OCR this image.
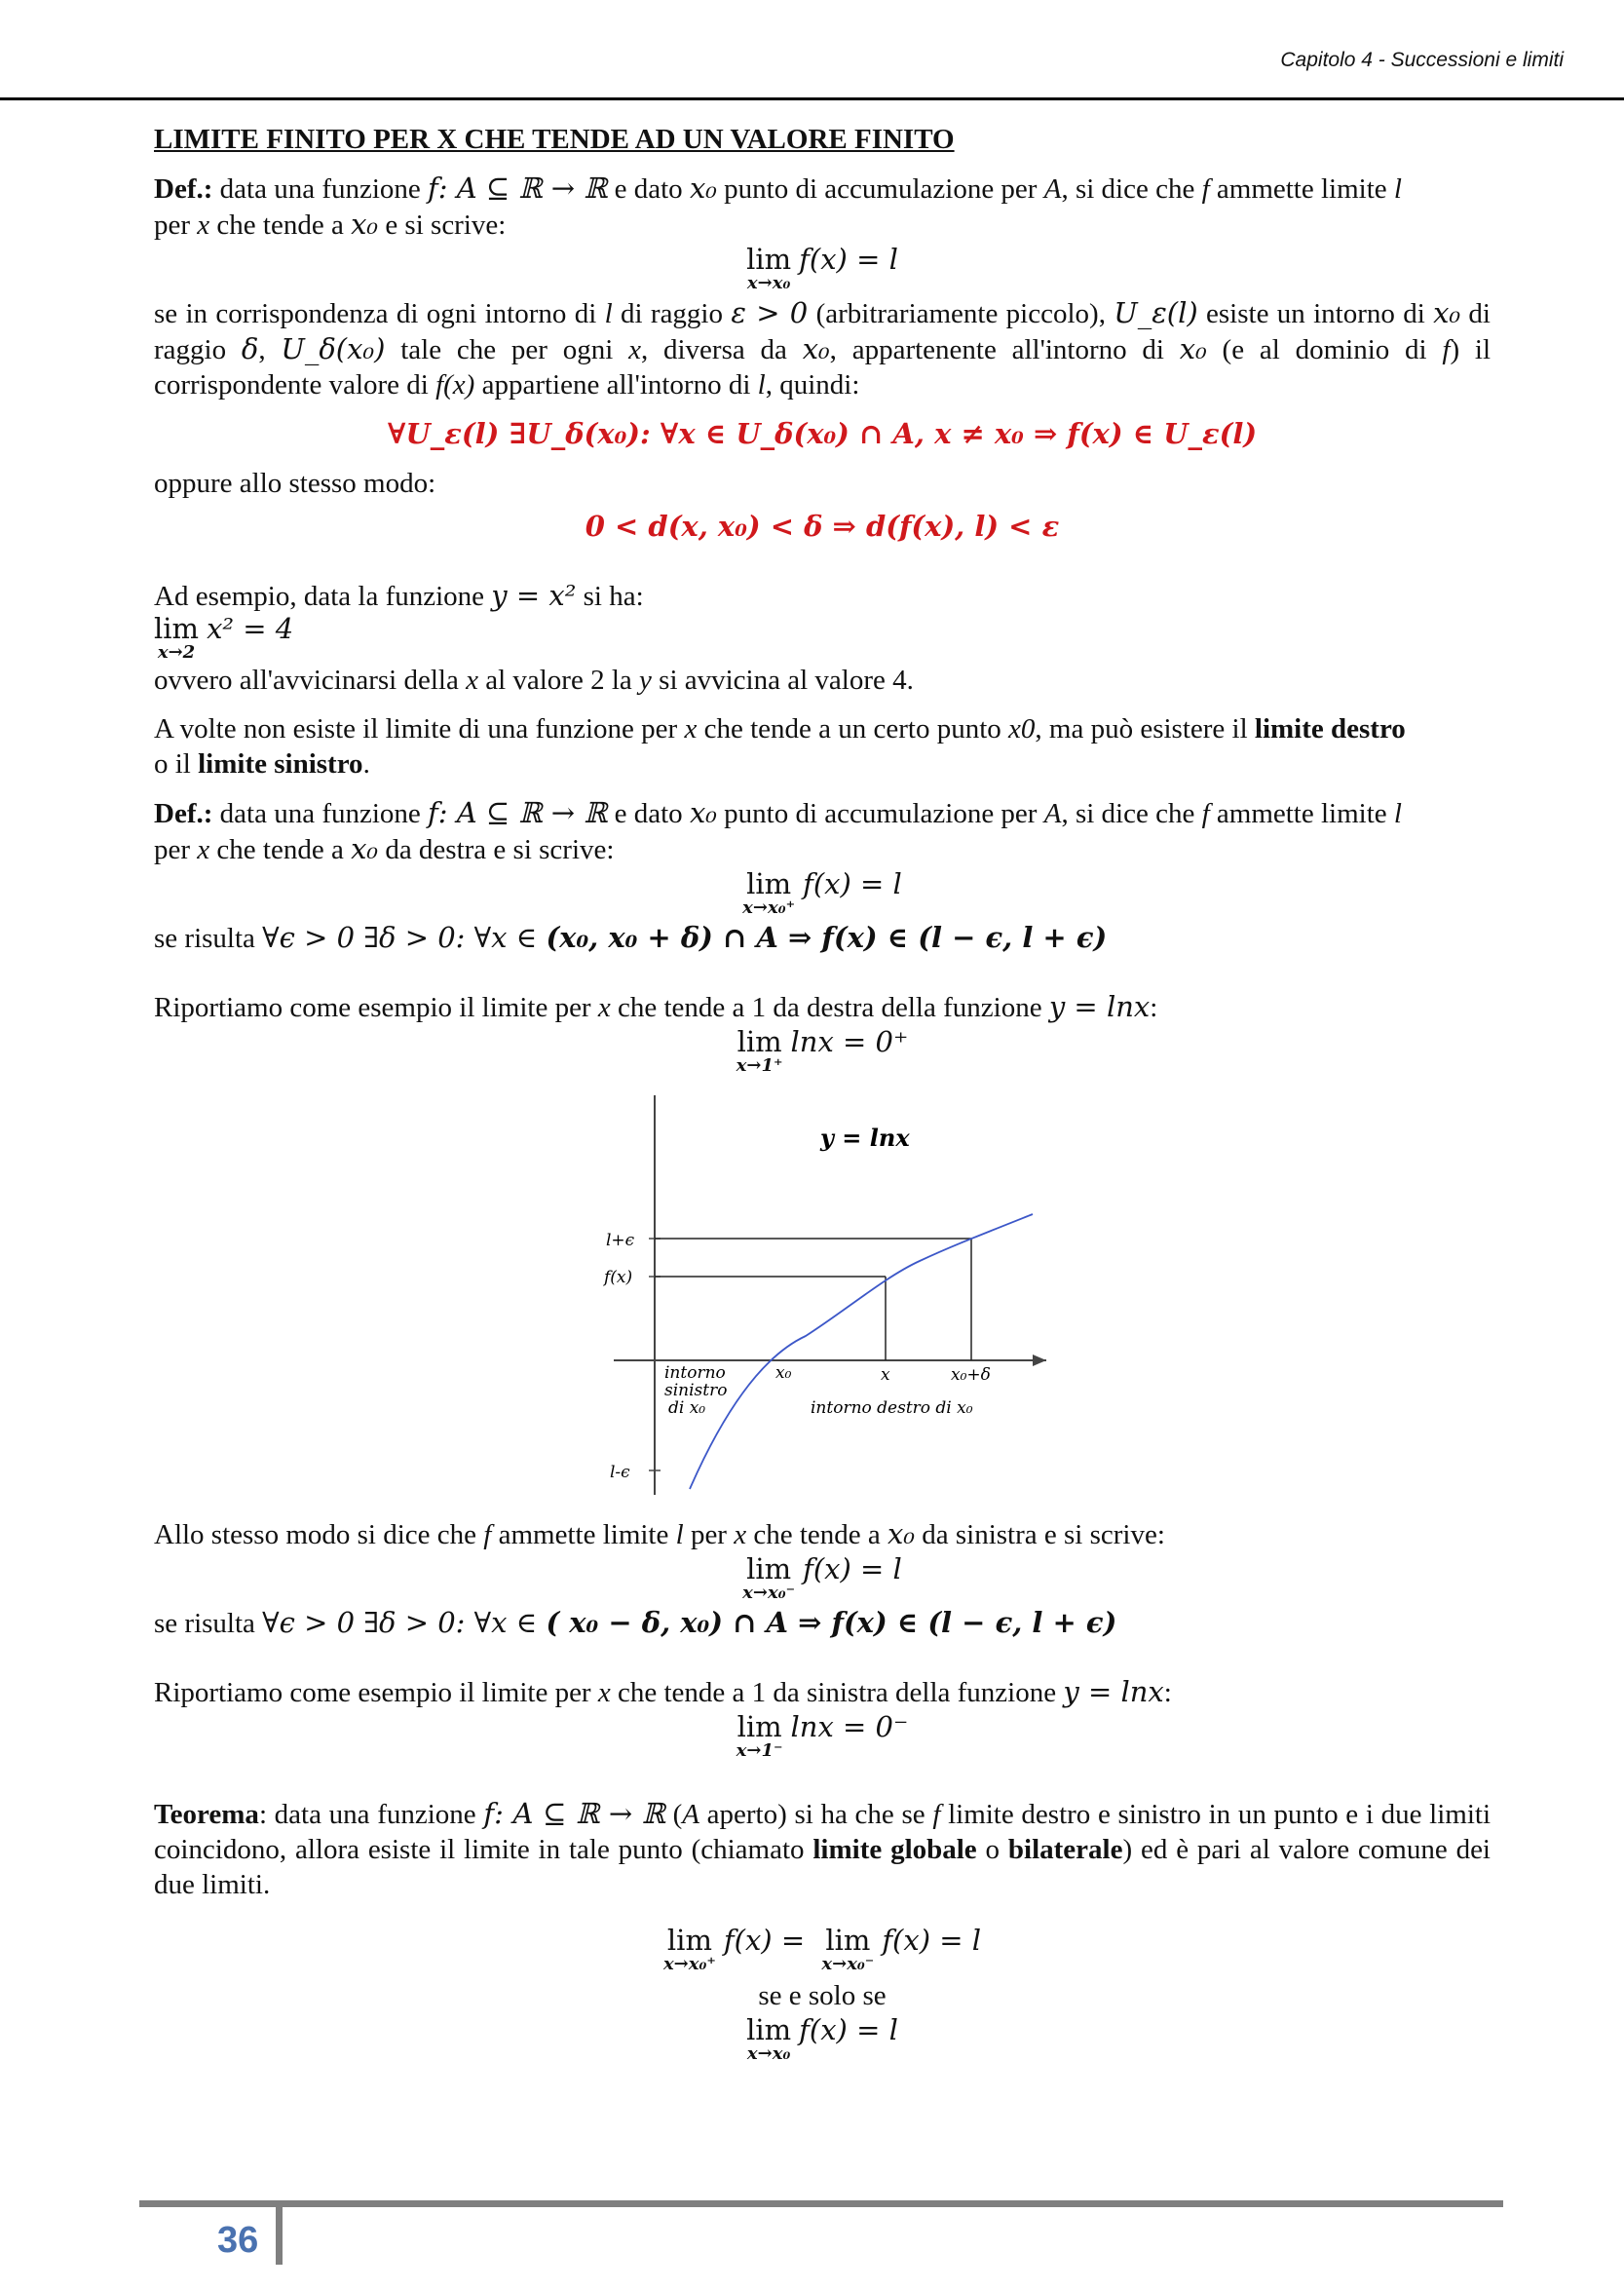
Capitolo 4 - Successioni e limiti

LIMITE FINITO PER X CHE TENDE AD UN VALORE FINITO

Def.: data una funzione f: A ⊆ ℝ → ℝ e dato x₀ punto di accumulazione per A, si dice che f ammette limite l
per x che tende a x₀ e si scrive:

lim
x→x₀
f(x) = l

se in corrispondenza di ogni intorno di l di raggio ε > 0 (arbitrariamente piccolo), U_ε(l) esiste un intorno di x₀ di raggio δ, U_δ(x₀) tale che per ogni x, diversa da x₀, appartenente all'intorno di x₀ (e al dominio di f) il corrispondente valore di f(x) appartiene all'intorno di l, quindi:

∀U_ε(l) ∃U_δ(x₀): ∀x ∈ U_δ(x₀) ∩ A, x ≠ x₀ ⇒ f(x) ∈ U_ε(l)

oppure allo stesso modo:

0 < d(x, x₀) < δ ⇒ d(f(x), l) < ε

Ad esempio, data la funzione y = x² si ha:

lim
x→2
x² = 4

ovvero all'avvicinarsi della x al valore 2 la y si avvicina al valore 4.

A volte non esiste il limite di una funzione per x che tende a un certo punto x0, ma può esistere il limite destro
o il limite sinistro.

Def.: data una funzione f: A ⊆ ℝ → ℝ e dato x₀ punto di accumulazione per A, si dice che f ammette limite l
per x che tende a x₀ da destra e si scrive:

lim
x→x₀⁺
f(x) = l

se risulta ∀ϵ > 0 ∃δ > 0: ∀x ∈ (x₀, x₀ + δ) ∩ A ⇒ f(x) ∈ (l − ϵ, l + ϵ)

Riportiamo come esempio il limite per x che tende a 1 da destra della funzione y = lnx:

lim
x→1⁺
lnx = 0⁺
y = lnx
l+ϵ
f(x)
l-ϵ
x₀	x	x₀+δ
intorno
sinistro
di x₀	intorno destro di x₀

Allo stesso modo si dice che f ammette limite l per x che tende a x₀ da sinistra e si scrive:

lim
x→x₀⁻
f(x) = l

se risulta ∀ϵ > 0 ∃δ > 0: ∀x ∈ ( x₀ − δ, x₀) ∩ A ⇒ f(x) ∈ (l − ϵ, l + ϵ)

Riportiamo come esempio il limite per x che tende a 1 da sinistra della funzione y = lnx:

lim
x→1⁻
lnx = 0⁻

Teorema: data una funzione f: A ⊆ ℝ → ℝ (A aperto) si ha che se f limite destro e sinistro in un punto e i due limiti coincidono, allora esiste il limite in tale punto (chiamato limite globale o bilaterale) ed è pari al valore comune dei due limiti.

lim
x→x₀⁺
f(x) = lim
x→x₀⁻
f(x) = l

se e solo se

lim
x→x₀
f(x) = l
36
